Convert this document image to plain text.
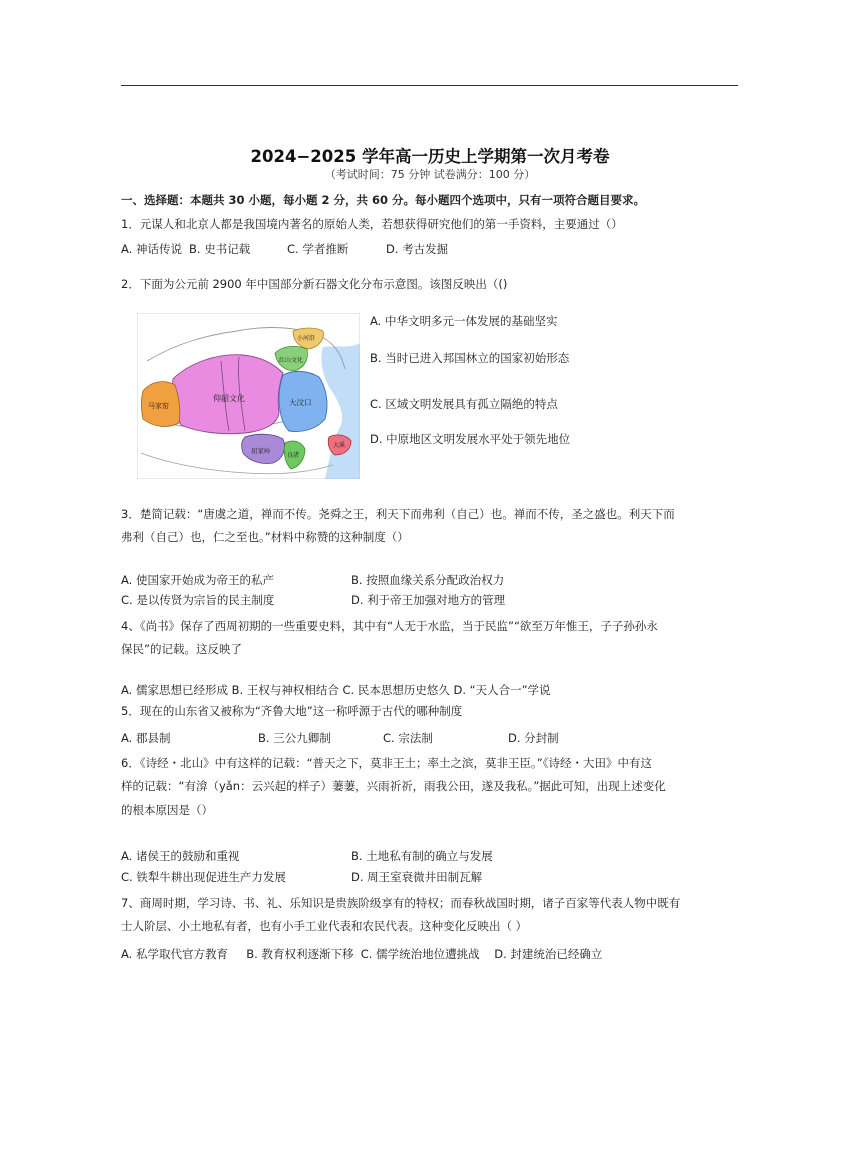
2024−2025 学年高一历史上学期第一次月考卷
（考试时间：75 分钟 试卷满分：100 分）
一、选择题：本题共 30 小题，每小题 2 分，共 60 分。每小题四个选项中，只有一项符合题目要求。
1．元谋人和北京人都是我国境内著名的原始人类，若想获得研究他们的第一手资料，主要通过（）
A. 神话传说 B. 史书记载	C. 学者推断	D. 考古发掘
2．下面为公元前 2900 年中国部分新石器文化分布示意图。该图反映出（()
马家窑
仰韶文化	大汶口
小河沿
红山文化
屈家岭
良渚
大溪
A. 中华文明多元一体发展的基础坚实
B. 当时已进入邦国林立的国家初始形态
C. 区域文明发展具有孤立隔绝的特点
D. 中原地区文明发展水平处于领先地位
3．楚简记载：“唐虞之道，禅而不传。尧舜之王，利天下而弗利（自己）也。禅而不传，圣之盛也。利天下而
弗利（自己）也，仁之至也。”材料中称赞的这种制度（）
A. 使国家开始成为帝王的私产	B. 按照血缘关系分配政治权力
C. 是以传贤为宗旨的民主制度	D. 利于帝王加强对地方的管理
4、《尚书》保存了西周初期的一些重要史料，其中有“人无于水监，当于民监”“欲至万年惟王，子子孙孙永
保民”的记载。这反映了
A. 儒家思想已经形成 B. 王权与神权相结合 C. 民本思想历史悠久 D. “天人合一”学说
5．现在的山东省又被称为“齐鲁大地”这一称呼源于古代的哪种制度
A. 郡县制	B. 三公九卿制	C. 宗法制	D. 分封制
6．《诗经・北山》中有这样的记载：“普天之下，莫非王土；率土之滨，莫非王臣。”《诗经・大田》中有这
样的记载：“有渰（yǎn：云兴起的样子）萋萋，兴雨祈祈，雨我公田，遂及我私。”据此可知，出现上述变化
的根本原因是（）
A. 诸侯王的鼓励和重视	B. 土地私有制的确立与发展
C. 铁犁牛耕出现促进生产力发展	D. 周王室衰微井田制瓦解
7、商周时期，学习诗、书、礼、乐知识是贵族阶级享有的特权；而春秋战国时期，诸子百家等代表人物中既有
士人阶层、小土地私有者，也有小手工业代表和农民代表。这种变化反映出（ ）
A. 私学取代官方教育     B. 教育权利逐渐下移  C. 儒学统治地位遭挑战    D. 封建统治已经确立
